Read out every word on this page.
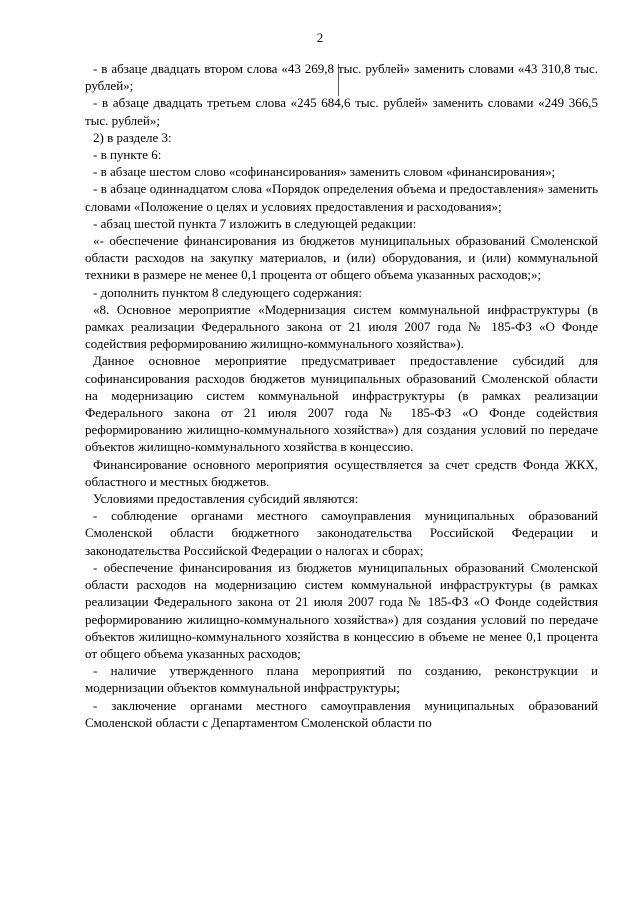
2

- в абзаце двадцать втором слова «43 269,8 тыс. рублей» заменить словами «43 310,8 тыс. рублей»;

- в абзаце двадцать третьем слова «245 684,6 тыс. рублей» заменить словами «249 366,5 тыс. рублей»;

2) в разделе 3:

- в пункте 6:

- в абзаце шестом слово «софинансирования» заменить словом «финансирования»;

- в абзаце одиннадцатом слова «Порядок определения объема и предоставления» заменить словами «Положение о целях и условиях предоставления и расходования»;

- абзац шестой пункта 7 изложить в следующей редакции:

«- обеспечение финансирования из бюджетов муниципальных образований Смоленской области расходов на закупку материалов, и (или) оборудования, и (или) коммунальной техники в размере не менее 0,1 процента от общего объема указанных расходов;»;

- дополнить пунктом 8 следующего содержания:

«8. Основное мероприятие «Модернизация систем коммунальной инфраструктуры (в рамках реализации Федерального закона от 21 июля 2007 года № 185-ФЗ «О Фонде содействия реформированию жилищно-коммунального хозяйства»).

Данное основное мероприятие предусматривает предоставление субсидий для софинансирования расходов бюджетов муниципальных образований Смоленской области на модернизацию систем коммунальной инфраструктуры (в рамках реализации Федерального закона от 21 июля 2007 года № 185-ФЗ «О Фонде содействия реформированию жилищно-коммунального хозяйства») для создания условий по передаче объектов жилищно-коммунального хозяйства в концессию.

Финансирование основного мероприятия осуществляется за счет средств Фонда ЖКХ, областного и местных бюджетов.

Условиями предоставления субсидий являются:

- соблюдение органами местного самоуправления муниципальных образований Смоленской области бюджетного законодательства Российской Федерации и законодательства Российской Федерации о налогах и сборах;

- обеспечение финансирования из бюджетов муниципальных образований Смоленской области расходов на модернизацию систем коммунальной инфраструктуры (в рамках реализации Федерального закона от 21 июля 2007 года № 185-ФЗ «О Фонде содействия реформированию жилищно-коммунального хозяйства») для создания условий по передаче объектов жилищно-коммунального хозяйства в концессию в объеме не менее 0,1 процента от общего объема указанных расходов;

- наличие утвержденного плана мероприятий по созданию, реконструкции и модернизации объектов коммунальной инфраструктуры;

- заключение органами местного самоуправления муниципальных образований Смоленской области с Департаментом Смоленской области по
